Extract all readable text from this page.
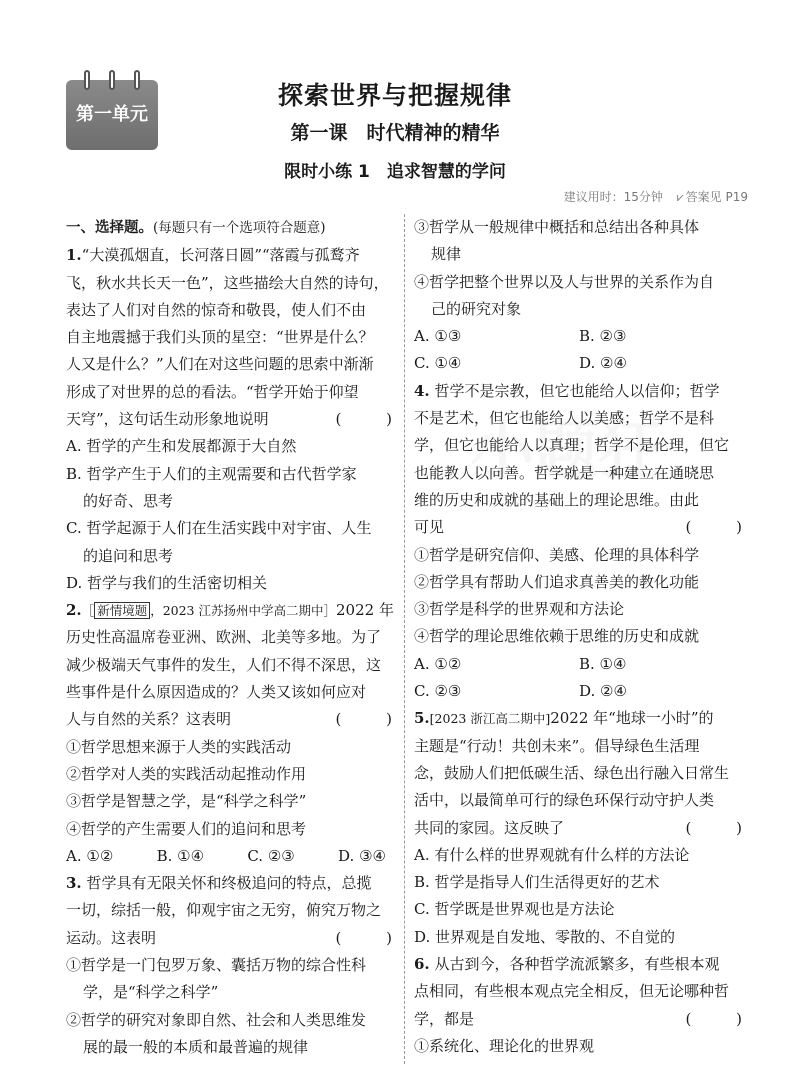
第一单元
探索世界与把握规律
第一课　时代精神的精华
限时小练 1　追求智慧的学问
建议用时：15分钟 ⩗ 答案见 P19
一、选择题。(每题只有一个选项符合题意)
1.“大漠孤烟直，长河落日圆”“落霞与孤鹜齐
飞，秋水共长天一色”，这些描绘大自然的诗句，
表达了人们对自然的惊奇和敬畏，使人们不由
自主地震撼于我们头顶的星空：“世界是什么？
人又是什么？”人们在对这些问题的思索中渐渐
形成了对世界的总的看法。“哲学开始于仰望
天穹”，这句话生动形象地说明	( )
A. 哲学的产生和发展都源于大自然
B. 哲学产生于人们的主观需要和古代哲学家
的好奇、思考
C. 哲学起源于人们在生活实践中对宇宙、人生
的追问和思考
D. 哲学与我们的生活密切相关
2.［ 新情境题 ，2023 江苏扬州中学高二期中］2022 年
历史性高温席卷亚洲、欧洲、北美等多地。为了
减少极端天气事件的发生，人们不得不深思，这
些事件是什么原因造成的？人类又该如何应对
人与自然的关系？这表明	( )
①哲学思想来源于人类的实践活动
②哲学对人类的实践活动起推动作用
③哲学是智慧之学，是“科学之科学”
④哲学的产生需要人们的追问和思考
A. ①②	B. ①④	C. ②③	D. ③④
3. 哲学具有无限关怀和终极追问的特点，总揽
一切，综括一般，仰观宇宙之无穷，俯究万物之
运动。这表明	( )
①哲学是一门包罗万象、囊括万物的综合性科
学，是“科学之科学”
②哲学的研究对象即自然、社会和人类思维发
展的最一般的本质和最普遍的规律
③哲学从一般规律中概括和总结出各种具体
规律
④哲学把整个世界以及人与世界的关系作为自
己的研究对象
A. ①③	B. ②③
C. ①④	D. ②④
4. 哲学不是宗教，但它也能给人以信仰；哲学
不是艺术，但它也能给人以美感；哲学不是科
学，但它也能给人以真理；哲学不是伦理，但它
也能教人以向善。哲学就是一种建立在通晓思
维的历史和成就的基础上的理论思维。由此
可见	( )
①哲学是研究信仰、美感、伦理的具体科学
②哲学具有帮助人们追求真善美的教化功能
③哲学是科学的世界观和方法论
④哲学的理论思维依赖于思维的历史和成就
A. ①②	B. ①④
C. ②③	D. ②④
5.[2023 浙江高二期中]2022 年“地球一小时”的
主题是“行动！共创未来”。倡导绿色生活理
念，鼓励人们把低碳生活、绿色出行融入日常生
活中，以最简单可行的绿色环保行动守护人类
共同的家园。这反映了	( )
A. 有什么样的世界观就有什么样的方法论
B. 哲学是指导人们生活得更好的艺术
C. 哲学既是世界观也是方法论
D. 世界观是自发地、零散的、不自觉的
6. 从古到今，各种哲学流派繁多，有些根本观
点相同，有些根本观点完全相反，但无论哪种哲
学，都是	( )
①系统化、理论化的世界观
